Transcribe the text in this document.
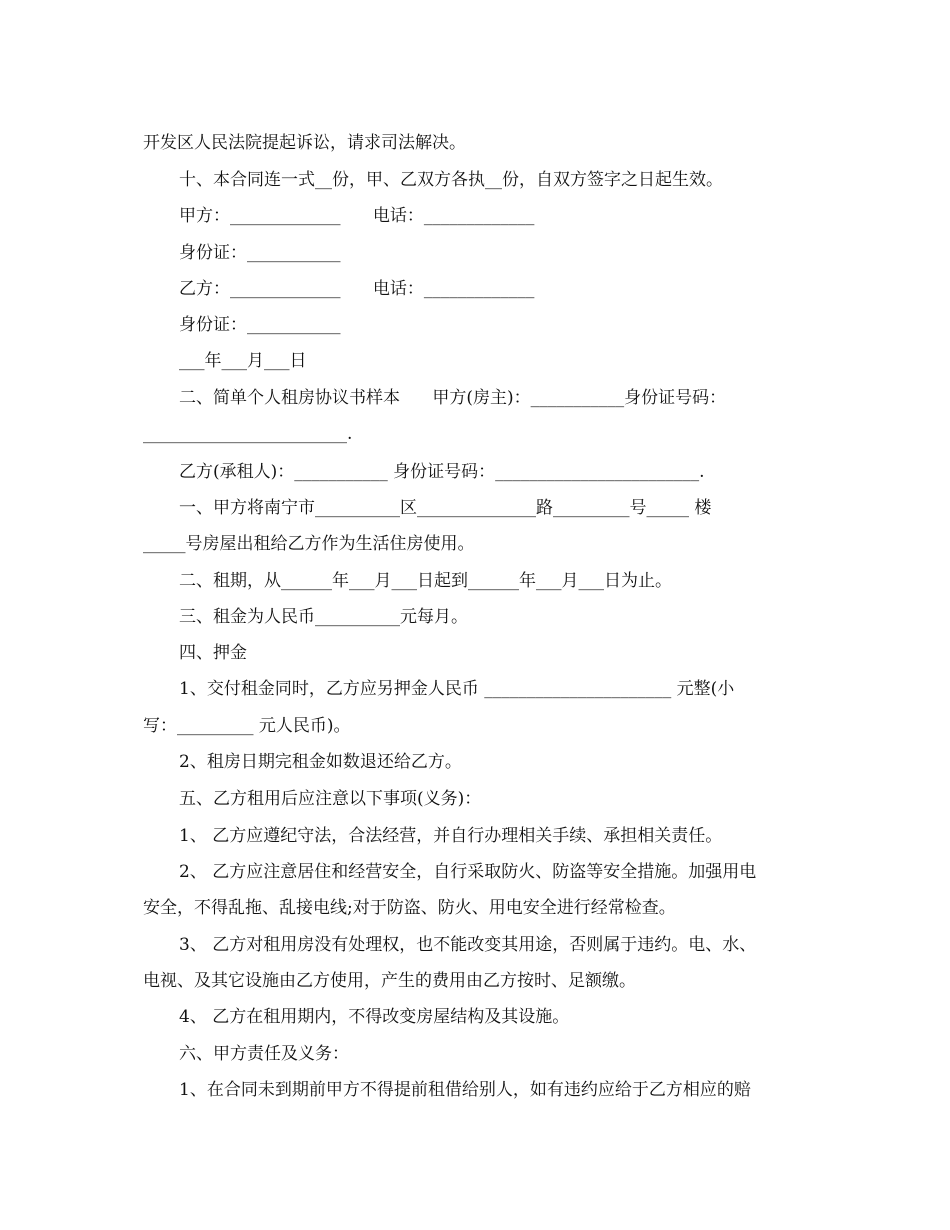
开发区人民法院提起诉讼，请求司法解决。
十、本合同连一式__份，甲、乙双方各执__份，自双方签字之日起生效。
甲方：_____________      电话：_____________
身份证：___________
乙方：_____________      电话：_____________
身份证：___________
___年___月___日
二、简单个人租房协议书样本      甲方(房主)：___________身份证号码：
________________________.
乙方(承租人)：___________ 身份证号码：________________________.
一、甲方将南宁市__________区______________路_________号_____ 楼
_____号房屋出租给乙方作为生活住房使用。
二、租期，从______年___月___日起到______年___月___日为止。
三、租金为人民币__________元每月。
四、押金
1、交付租金同时，乙方应另押金人民币 ______________________ 元整(小
写：_________ 元人民币)。
2、租房日期完租金如数退还给乙方。
五、乙方租用后应注意以下事项(义务)：
1、 乙方应遵纪守法，合法经营，并自行办理相关手续、承担相关责任。
2、 乙方应注意居住和经营安全，自行采取防火、防盗等安全措施。加强用电
安全，不得乱拖、乱接电线;对于防盗、防火、用电安全进行经常检查。
3、 乙方对租用房没有处理权，也不能改变其用途，否则属于违约。电、水、
电视、及其它设施由乙方使用，产生的费用由乙方按时、足额缴。
4、 乙方在租用期内，不得改变房屋结构及其设施。
六、甲方责任及义务：
1、在合同未到期前甲方不得提前租借给别人，如有违约应给于乙方相应的赔
